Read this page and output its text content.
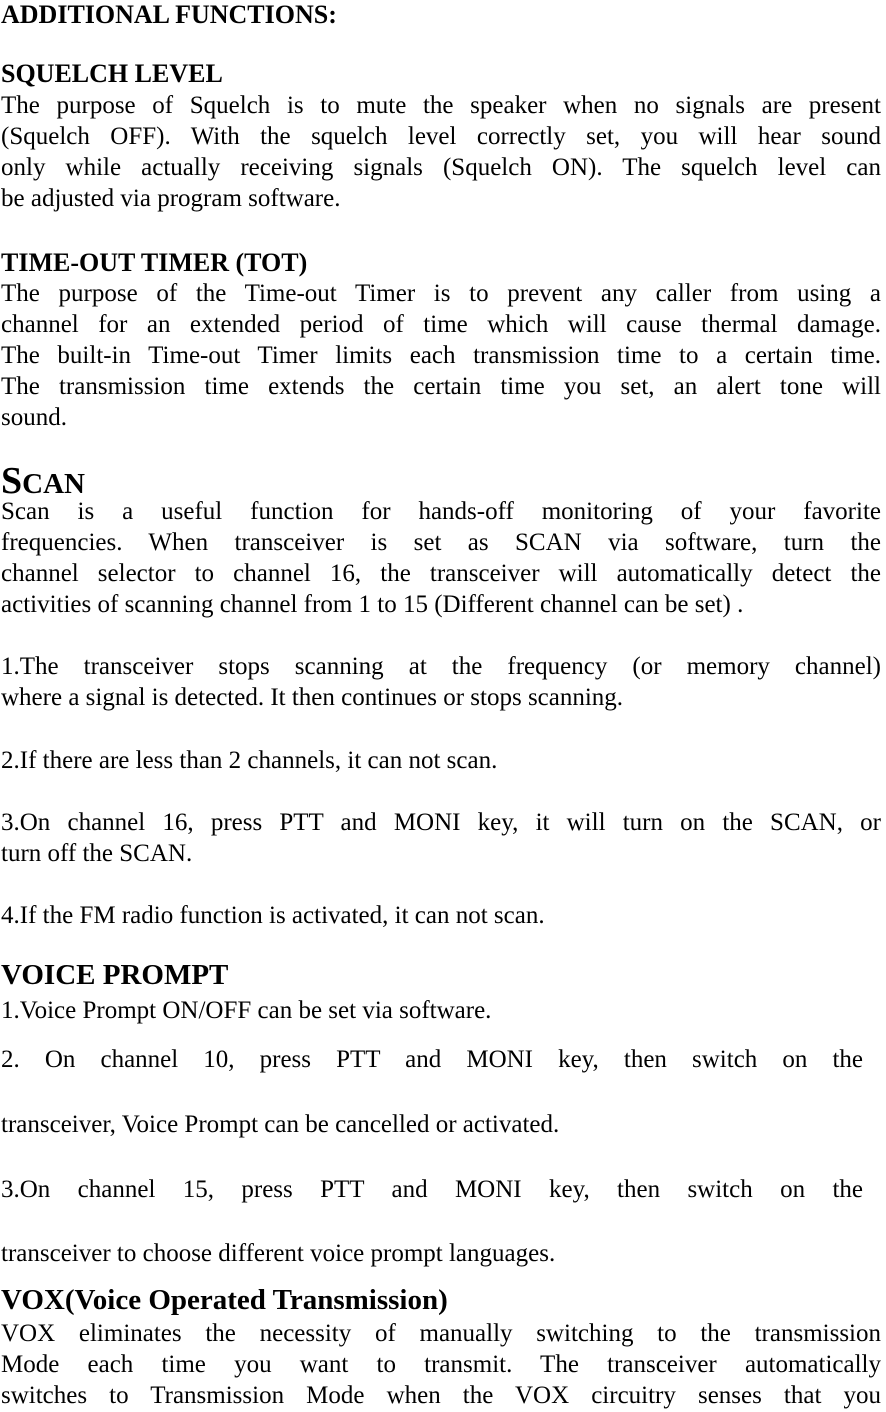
ADDITIONAL FUNCTIONS:

SQUELCH LEVEL

The purpose of Squelch is to mute the speaker when no signals are present

(Squelch OFF). With the squelch level correctly set, you will hear sound

only while actually receiving signals (Squelch ON). The squelch level can

be adjusted via program software.

TIME-OUT TIMER (TOT)

The purpose of the Time-out Timer is to prevent any caller from using a

channel for an extended period of time which will cause thermal damage.

The built-in Time-out Timer limits each transmission time to a certain time.

The transmission time extends the certain time you set, an alert tone will

sound.

SCAN

Scan is a useful function for hands-off monitoring of your favorite

frequencies. When transceiver is set as SCAN via software, turn the

channel selector to channel 16, the transceiver will automatically detect the

activities of scanning channel from 1 to 15 (Different channel can be set) .

1.The transceiver stops scanning at the frequency (or memory channel)

where a signal is detected. It then continues or stops scanning.

2.If there are less than 2 channels, it can not scan.

3.On channel 16, press PTT and MONI key, it will turn on the SCAN, or

turn off the SCAN.

4.If the FM radio function is activated, it can not scan.

VOICE PROMPT

1.Voice Prompt ON/OFF can be set via software.

2. On channel 10, press PTT and MONI key, then switch on the

transceiver, Voice Prompt can be cancelled or activated.

3.On channel 15, press PTT and MONI key, then switch on the

transceiver to choose different voice prompt languages.

VOX(Voice Operated Transmission)

VOX eliminates the necessity of manually switching to the transmission

Mode each time you want to transmit. The transceiver automatically

switches to Transmission Mode when the VOX circuitry senses that you
